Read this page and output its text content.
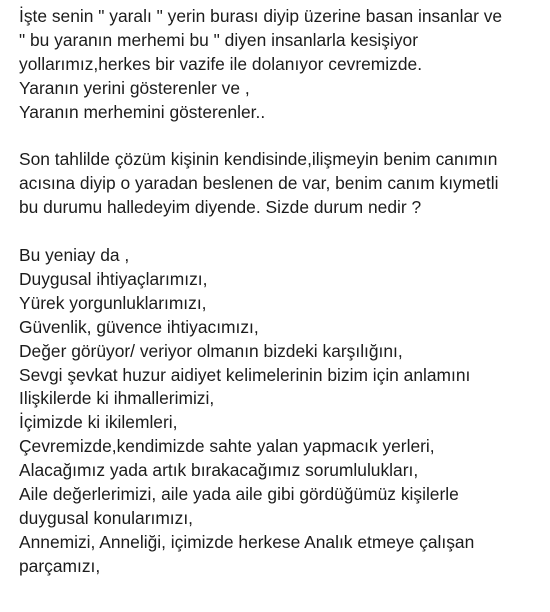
İşte senin " yaralı " yerin burası diyip üzerine basan insanlar ve
" bu yaranın merhemi bu " diyen insanlarla kesişiyor
yollarımız,herkes bir vazife ile dolanıyor cevremizde.
Yaranın yerini gösterenler ve ,
Yaranın merhemini gösterenler..
Son tahlilde çözüm kişinin kendisinde,ilişmeyin benim canımın
acısına diyip o yaradan beslenen de var, benim canım kıymetli
bu durumu halledeyim diyende. Sizde durum nedir ?
Bu yeniay da ,
Duygusal ihtiyaçlarımızı,
Yürek yorgunluklarımızı,
Güvenlik, güvence ihtiyacımızı,
Değer görüyor/ veriyor olmanın bizdeki karşılığını,
Sevgi şevkat huzur aidiyet kelimelerinin bizim için anlamını
Ilişkilerde ki ihmallerimizi,
İçimizde ki ikilemleri,
Çevremizde,kendimizde sahte yalan yapmacık yerleri,
Alacağımız yada artık bırakacağımız sorumlulukları,
Aile değerlerimizi, aile yada aile gibi gördüğümüz kişilerle
duygusal konularımızı,
Annemizi, Anneliği, içimizde herkese Analık etmeye çalışan
parçamızı,
